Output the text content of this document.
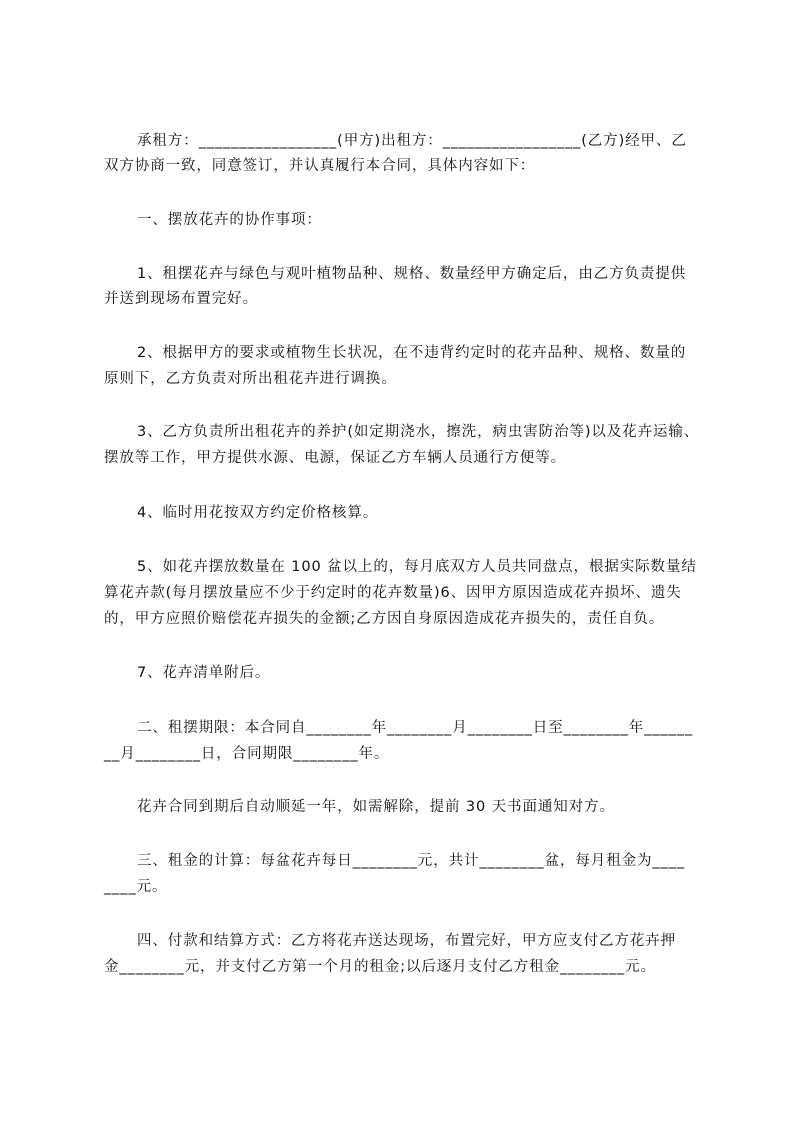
承租方：_________________(甲方)出租方：_________________(乙方)经甲、乙
双方协商一致，同意签订，并认真履行本合同，具体内容如下：
一、摆放花卉的协作事项：
1、租摆花卉与绿色与观叶植物品种、规格、数量经甲方确定后，由乙方负责提供
并送到现场布置完好。
2、根据甲方的要求或植物生长状况，在不违背约定时的花卉品种、规格、数量的
原则下，乙方负责对所出租花卉进行调换。
3、乙方负责所出租花卉的养护(如定期浇水，擦洗，病虫害防治等)以及花卉运输、
摆放等工作，甲方提供水源、电源，保证乙方车辆人员通行方便等。
4、临时用花按双方约定价格核算。
5、如花卉摆放数量在 100 盆以上的，每月底双方人员共同盘点，根据实际数量结
算花卉款(每月摆放量应不少于约定时的花卉数量)6、因甲方原因造成花卉损坏、遗失
的，甲方应照价赔偿花卉损失的金额;乙方因自身原因造成花卉损失的，责任自负。
7、花卉清单附后。
二、租摆期限：本合同自________年________月________日至________年______
__月________日，合同期限________年。
花卉合同到期后自动顺延一年，如需解除，提前 30 天书面通知对方。
三、租金的计算：每盆花卉每日________元，共计________盆，每月租金为____
____元。
四、付款和结算方式：乙方将花卉送达现场，布置完好，甲方应支付乙方花卉押
金________元，并支付乙方第一个月的租金;以后逐月支付乙方租金________元。
